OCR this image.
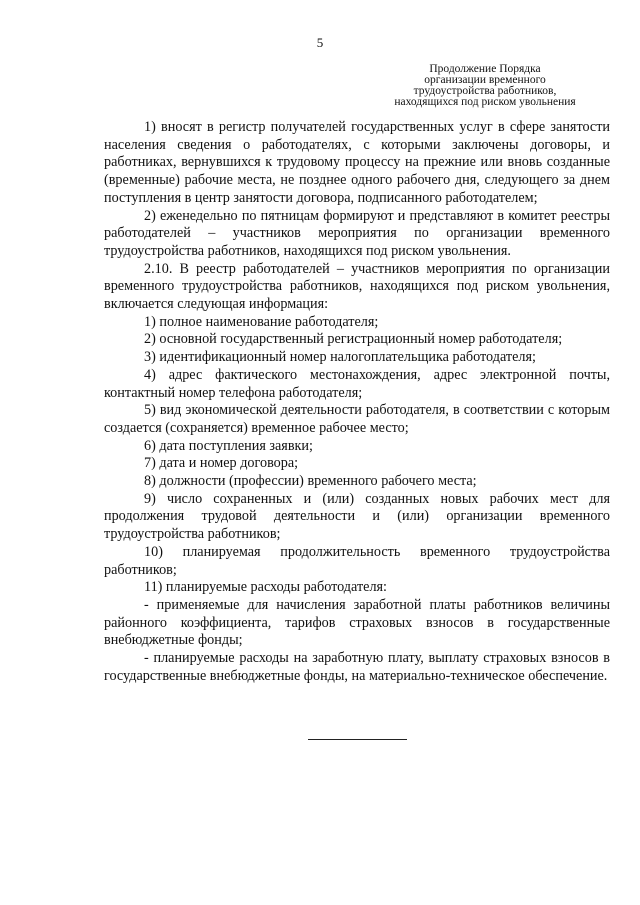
5
Продолжение Порядка
организации временного
трудоустройства работников,
находящихся под риском увольнения

1) вносят в регистр получателей государственных услуг в сфере занятости населения сведения о работодателях, с которыми заключены договоры, и работниках, вернувшихся к трудовому процессу на прежние или вновь созданные (временные) рабочие места, не позднее одного рабочего дня, следующего за днем поступления в центр занятости договора, подписанного работодателем;

2) еженедельно по пятницам формируют и представляют в комитет реестры работодателей – участников мероприятия по организации временного трудоустройства работников, находящихся под риском увольнения.

2.10. В реестр работодателей – участников мероприятия по организации временного трудоустройства работников, находящихся под риском увольнения, включается следующая информация:

1) полное наименование работодателя;

2) основной государственный регистрационный номер работодателя;

3) идентификационный номер налогоплательщика работодателя;

4) адрес фактического местонахождения, адрес электронной почты, контактный номер телефона работодателя;

5) вид экономической деятельности работодателя, в соответствии с которым создается (сохраняется) временное рабочее место;

6) дата поступления заявки;

7) дата и номер договора;

8) должности (профессии) временного рабочего места;

9) число сохраненных и (или) созданных новых рабочих мест для продолжения трудовой деятельности и (или) организации временного трудоустройства работников;

10) планируемая продолжительность временного трудоустройства работников;

11) планируемые расходы работодателя:

- применяемые для начисления заработной платы работников величины районного коэффициента, тарифов страховых взносов в государственные внебюджетные фонды;

- планируемые расходы на заработную плату, выплату страховых взносов в государственные внебюджетные фонды, на материально-техническое обеспечение.
